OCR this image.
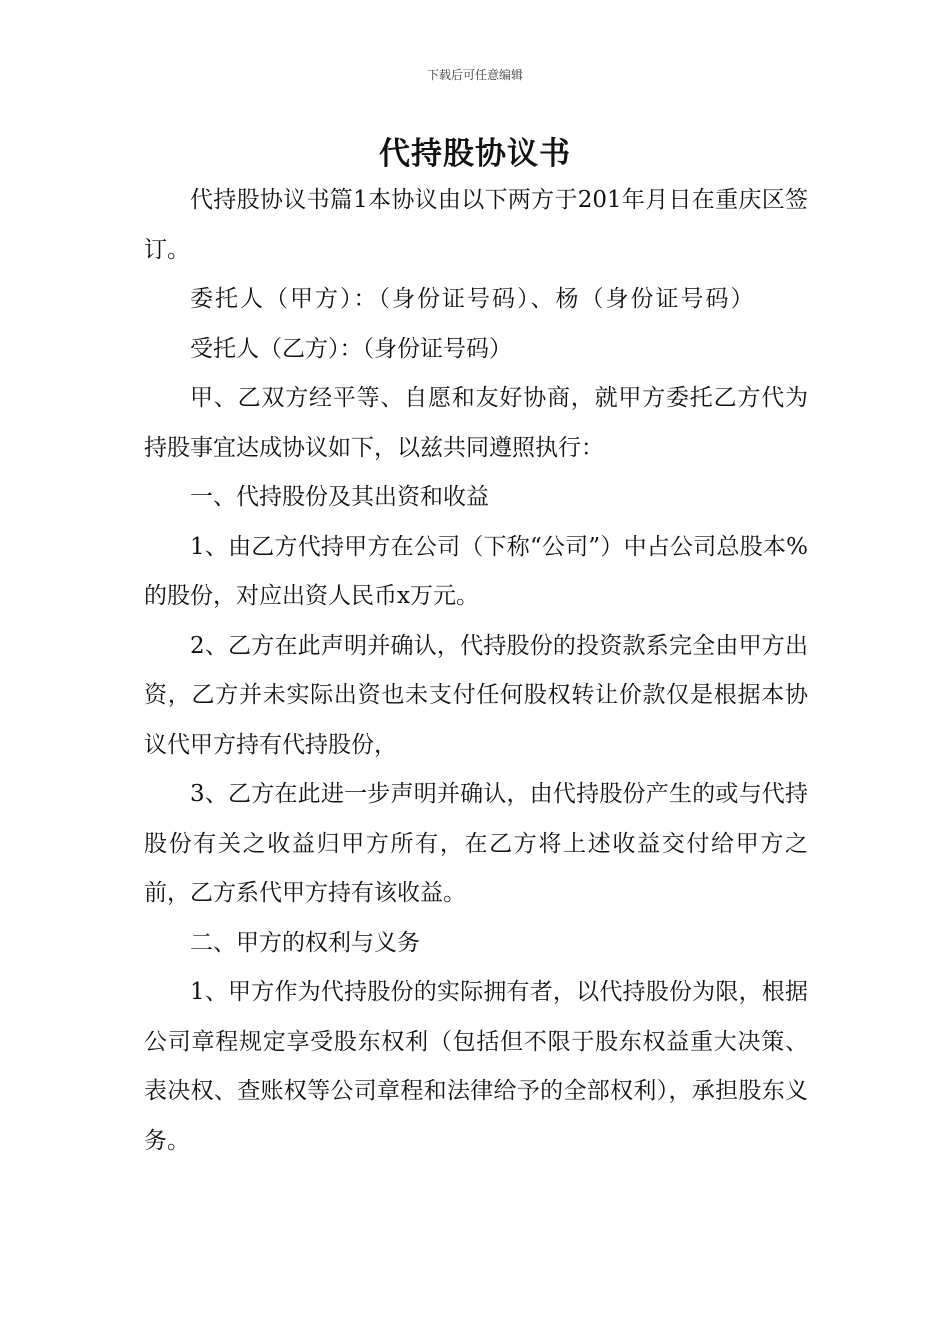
下载后可任意编辑
代持股协议书

代持股协议书篇1本协议由以下两方于201年月日在重庆区签订。

委托人（甲方）：（身份证号码）、杨（身份证号码）

受托人（乙方）：（身份证号码）

甲、乙双方经平等、自愿和友好协商，就甲方委托乙方代为持股事宜达成协议如下，以兹共同遵照执行：

一、代持股份及其出资和收益

1、由乙方代持甲方在公司（下称“公司”）中占公司总股本%的股份，对应出资人民币x万元。

2、乙方在此声明并确认，代持股份的投资款系完全由甲方出资，乙方并未实际出资也未支付任何股权转让价款仅是根据本协议代甲方持有代持股份，

3、乙方在此进一步声明并确认，由代持股份产生的或与代持股份有关之收益归甲方所有，在乙方将上述收益交付给甲方之前，乙方系代甲方持有该收益。

二、甲方的权利与义务

1、甲方作为代持股份的实际拥有者，以代持股份为限，根据公司章程规定享受股东权利（包括但不限于股东权益重大决策、表决权、查账权等公司章程和法律给予的全部权利），承担股东义务。
